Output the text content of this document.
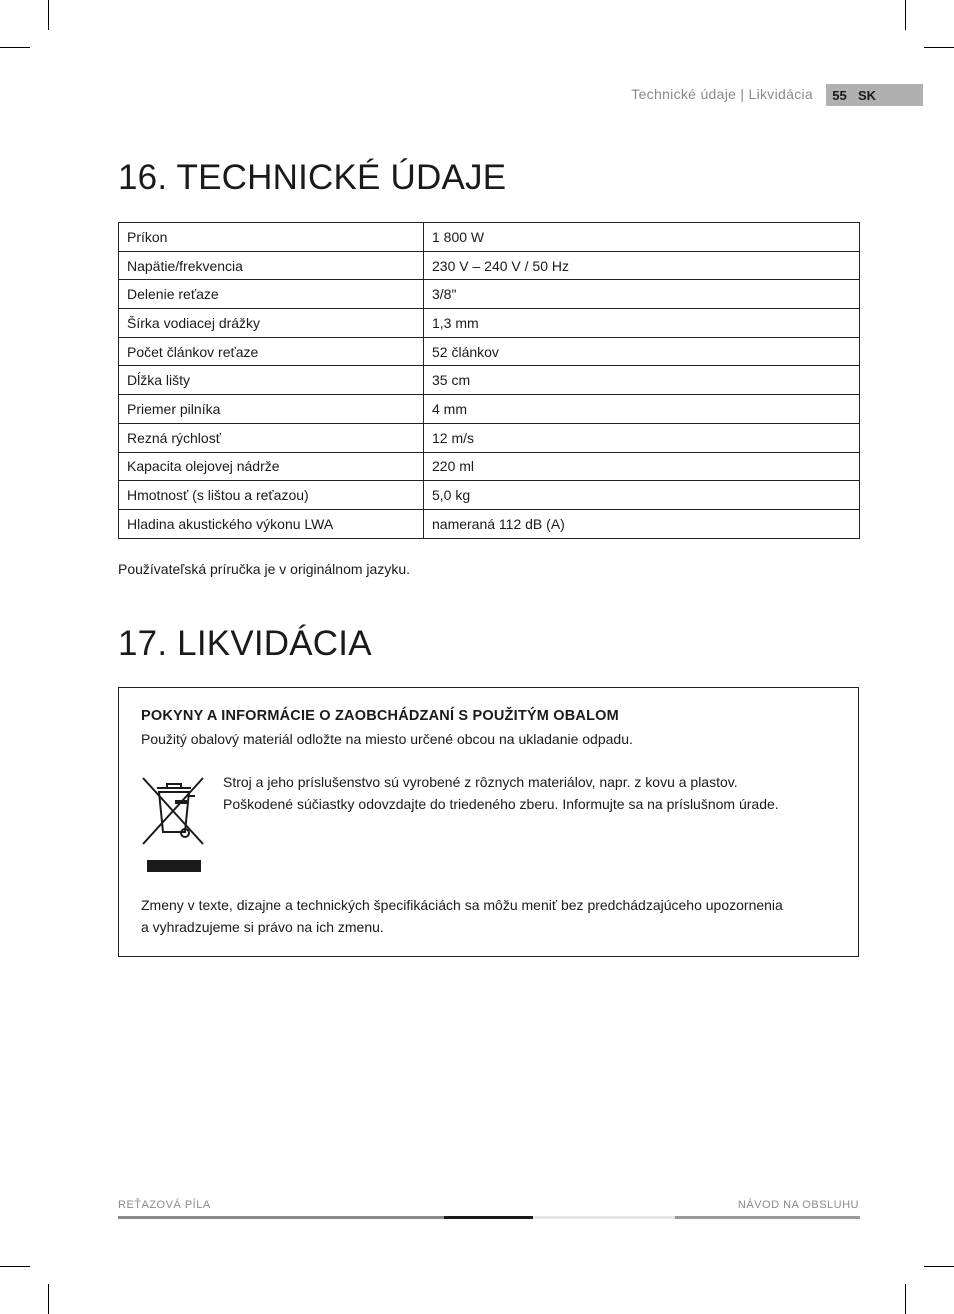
Technické údaje | Likvidácia	55 SK
16. TECHNICKÉ ÚDAJE
Príkon	1 800 W
Napätie/frekvencia	230 V – 240 V / 50 Hz
Delenie reťaze	3/8"
Šírka vodiacej drážky	1,3 mm
Počet článkov reťaze	52 článkov
Dĺžka lišty	35 cm
Priemer pilníka	4 mm
Rezná rýchlosť	12 m/s
Kapacita olejovej nádrže	220 ml
Hmotnosť (s lištou a reťazou)	5,0 kg
Hladina akustického výkonu LWA	nameraná 112 dB (A)
Používateľská príručka je v originálnom jazyku.
17. LIKVIDÁCIA
POKYNY A INFORMÁCIE O ZAOBCHÁDZANÍ S POUŽITÝM OBALOM
Použitý obalový materiál odložte na miesto určené obcou na ukladanie odpadu.
Stroj a jeho príslušenstvo sú vyrobené z rôznych materiálov, napr. z kovu a plastov.
Poškodené súčiastky odovzdajte do triedeného zberu. Informujte sa na príslušnom úrade.
Zmeny v texte, dizajne a technických špecifikáciách sa môžu meniť bez predchádzajúceho upozornenia
a vyhradzujeme si právo na ich zmenu.
REŤAZOVÁ PÍLA	NÁVOD NA OBSLUHU
